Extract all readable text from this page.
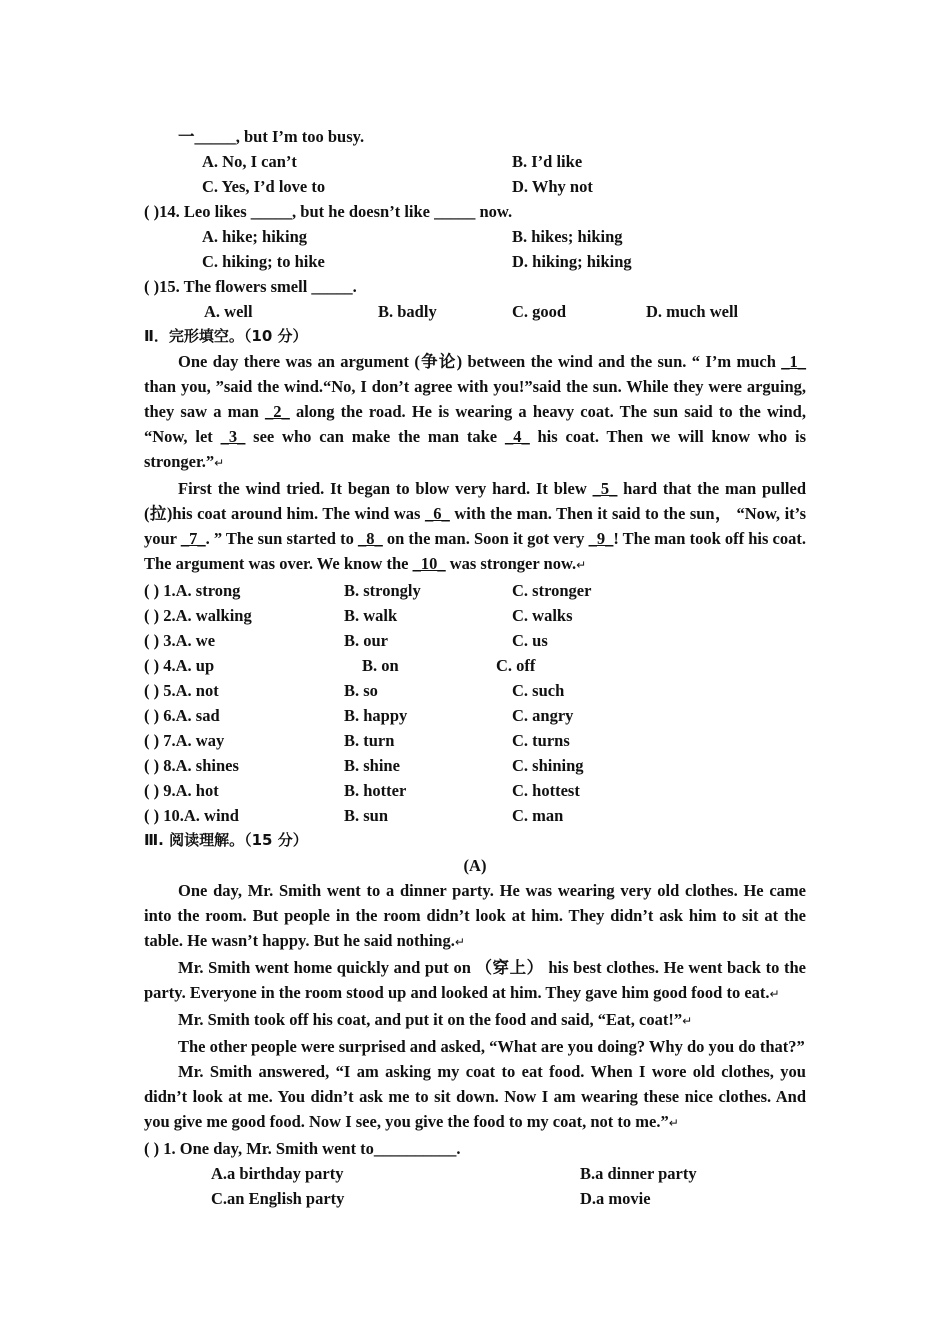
一_____, but I’m too busy.
A. No, I can’t	B. I’d like
C. Yes, I’d love to	D. Why not
( )14. Leo likes _____, but he doesn’t like _____ now.
A. hike; hiking	B. hikes; hiking
C. hiking; to hike	D. hiking; hiking
( )15. The flowers smell _____.
A. well	B. badly	C. good	D. much well
Ⅱ．完形填空。（10 分）

One day there was an argument (争论) between the wind and the sun. “ I’m much _1_ than you, ”said the wind.“No, I don’t agree with you!”said the sun. While they were arguing, they saw a man _2_ along the road. He is wearing a heavy coat. The sun said to the wind, “Now, let _3_ see who can make the man take _4_ his coat. Then we will know who is stronger.”↵

First the wind tried. It began to blow very hard. It blew _5_ hard that the man pulled (拉)his coat around him. The wind was _6_ with the man. Then it said to the sun， “Now, it’s your _7_. ” The sun started to _8_ on the man. Soon it got very _9_! The man took off his coat. The argument was over. We know the _10_ was stronger now.↵

( ) 1.A. strong	B. strongly	C. stronger
( ) 2.A. walking	B. walk	C. walks
( ) 3.A. we	B. our	C. us
( ) 4.A. up	B. on	C. off
( ) 5.A. not	B. so	C. such
( ) 6.A. sad	B. happy	C. angry
( ) 7.A. way	B. turn	C. turns
( ) 8.A. shines	B. shine	C. shining
( ) 9.A. hot	B. hotter	C. hottest
( ) 10.A. wind	B. sun	C. man
Ⅲ. 阅读理解。（15 分）
(A)

One day, Mr. Smith went to a dinner party. He was wearing very old clothes. He came into the room. But people in the room didn’t look at him. They didn’t ask him to sit at the table. He wasn’t happy. But he said nothing.↵

Mr. Smith went home quickly and put on （穿上） his best clothes. He went back to the party. Everyone in the room stood up and looked at him. They gave him good food to eat.↵

Mr. Smith took off his coat, and put it on the food and said, “Eat, coat!”↵

The other people were surprised and asked, “What are you doing? Why do you do that?”

Mr. Smith answered, “I am asking my coat to eat food. When I wore old clothes, you didn’t look at me. You didn’t ask me to sit down. Now I am wearing these nice clothes. And you give me good food. Now I see, you give the food to my coat, not to me.”↵

( ) 1. One day, Mr. Smith went to__________.
A.a birthday party	B.a dinner party
C.an English party	D.a movie
